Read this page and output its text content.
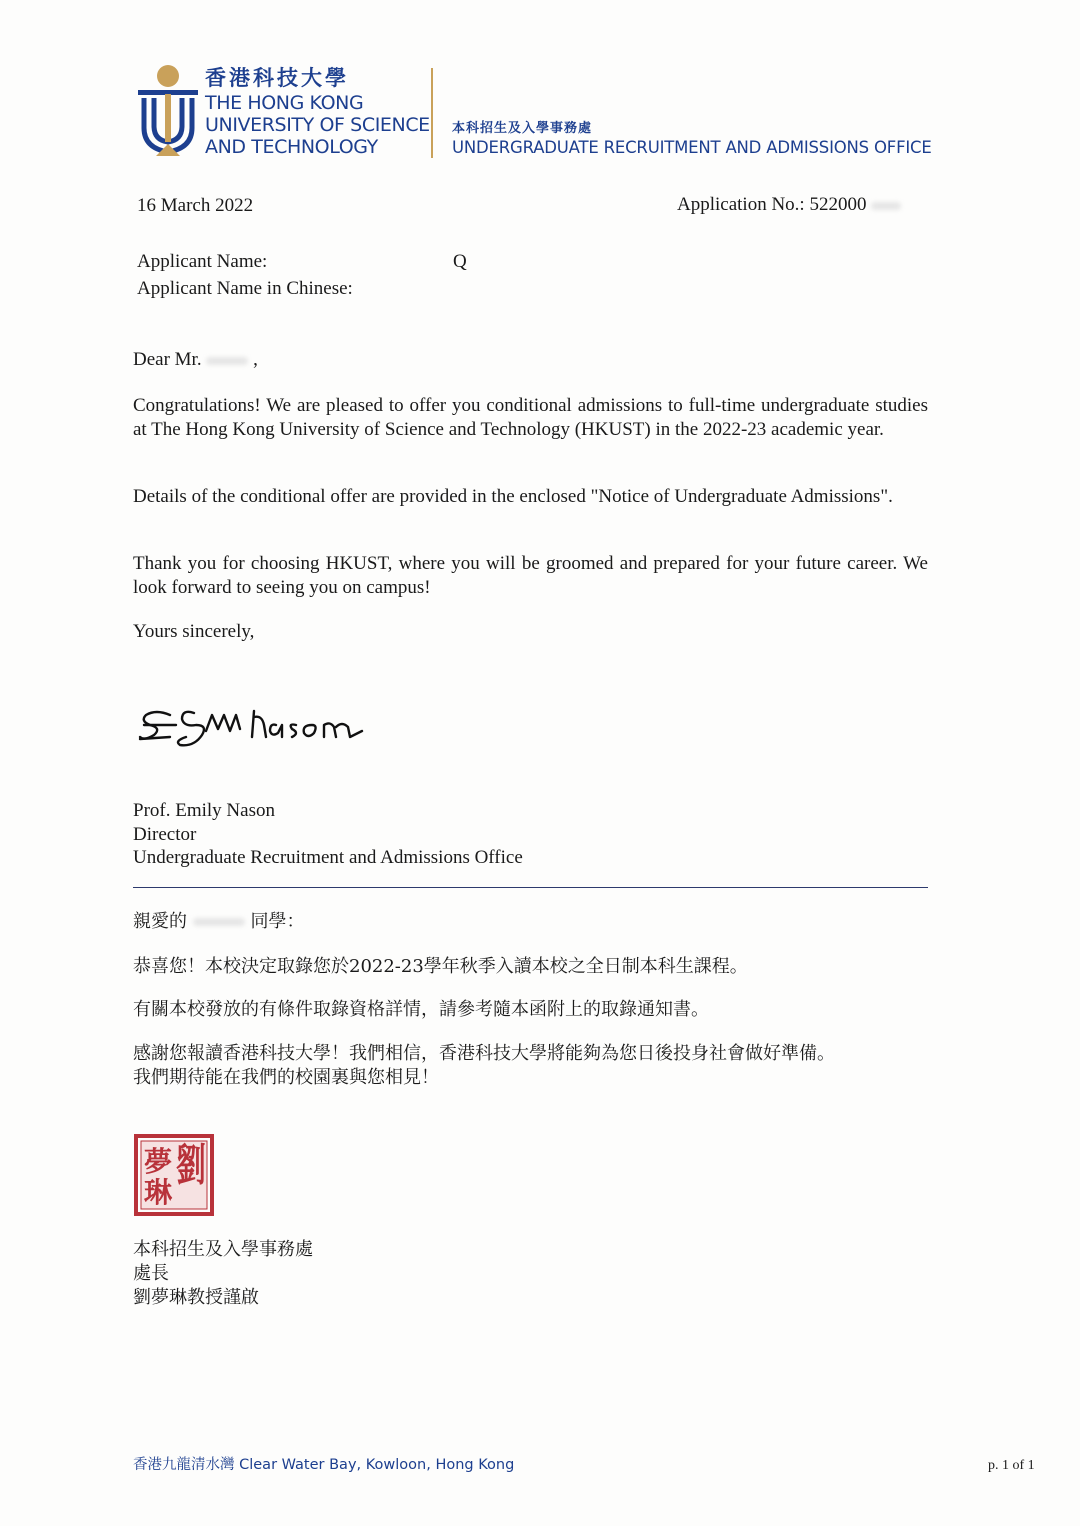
香港科技大學
THE HONG KONG
UNIVERSITY OF SCIENCE
AND TECHNOLOGY
本科招生及入學事務處
UNDERGRADUATE RECRUITMENT AND ADMISSIONS OFFICE
16 March 2022	Application No.: 522000
Applicant Name:	Q
Applicant Name in Chinese:
Dear Mr.	,
Congratulations! We are pleased to offer you conditional admissions to full-time undergraduate studies at The Hong Kong University of Science and Technology (HKUST) in the 2022-23 academic year.
Details of the conditional offer are provided in the enclosed "Notice of Undergraduate Admissions".
Thank you for choosing HKUST, where you will be groomed and prepared for your future career. We look forward to seeing you on campus!
Yours sincerely,
Prof. Emily Nason
Director
Undergraduate Recruitment and Admissions Office
親愛的	同學：
恭喜您！本校決定取錄您於2022-23學年秋季入讀本校之全日制本科生課程。
有關本校發放的有條件取錄資格詳情，請參考隨本函附上的取錄通知書。
感謝您報讀香港科技大學！我們相信，香港科技大學將能夠為您日後投身社會做好準備。
我們期待能在我們的校園裏與您相見！
劉
夢
琳
本科招生及入學事務處
處長
劉夢琳教授謹啟
香港九龍清水灣 Clear Water Bay, Kowloon, Hong Kong	p. 1 of 1
